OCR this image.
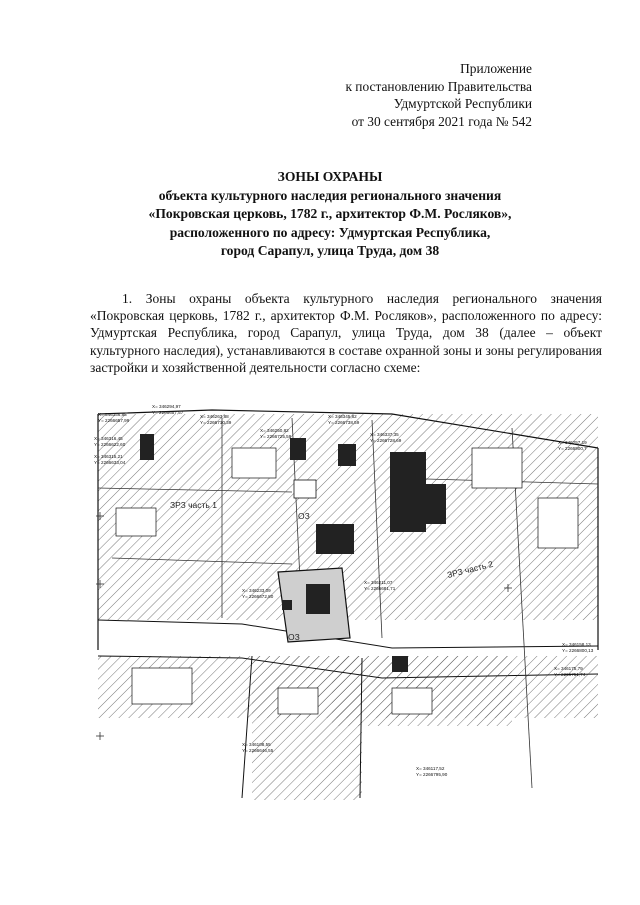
Приложение
к постановлению Правительства
Удмуртской Республики
от 30 сентября 2021 года № 542
ЗОНЫ ОХРАНЫ
объекта культурного наследия регионального значения
«Покровская церковь, 1782 г., архитектор Ф.М. Росляков»,
расположенного по адресу: Удмуртская Республика,
город Сарапул, улица Труда, дом 38

1. Зоны охраны объекта культурного наследия регионального значения «Покровская церковь, 1782 г., архитектор Ф.М. Росляков», расположенного по адресу: Удмуртская Республика, город Сарапул, улица Труда, дом 38 (далее – объект культурного наследия), устанавливаются в составе охранной зоны и зоны регулирования застройки и хозяйственной деятельности согласно схеме:

ЗРЗ часть 1
ЗРЗ часть 2
ОЗ
ОЗ
Х= 346336,85
Y= 2266657,99
Х= 346294,97
Y= 2266657,57
Х= 346263,88
Y= 2266710,39
Х= 346250,82
Y= 2266725,59
Х= 346345,82
Y= 2266738,59
Х= 346337,35
Y= 2266728,69	Х= 346257,19
Y= 2266900,7
Х= 346316,45
Y= 2266622,60
Х= 346315,21
Y= 2266633,04
Х= 346233,09
Y= 2266672,80
Х= 346211,07
Y= 2266681,71
Х= 346175,79
Y= 2266751,74
Х= 346158,13
Y= 2266800,13
Х= 346108,55
Y= 2266646,55
Х= 346117,52
Y= 2266795,90
